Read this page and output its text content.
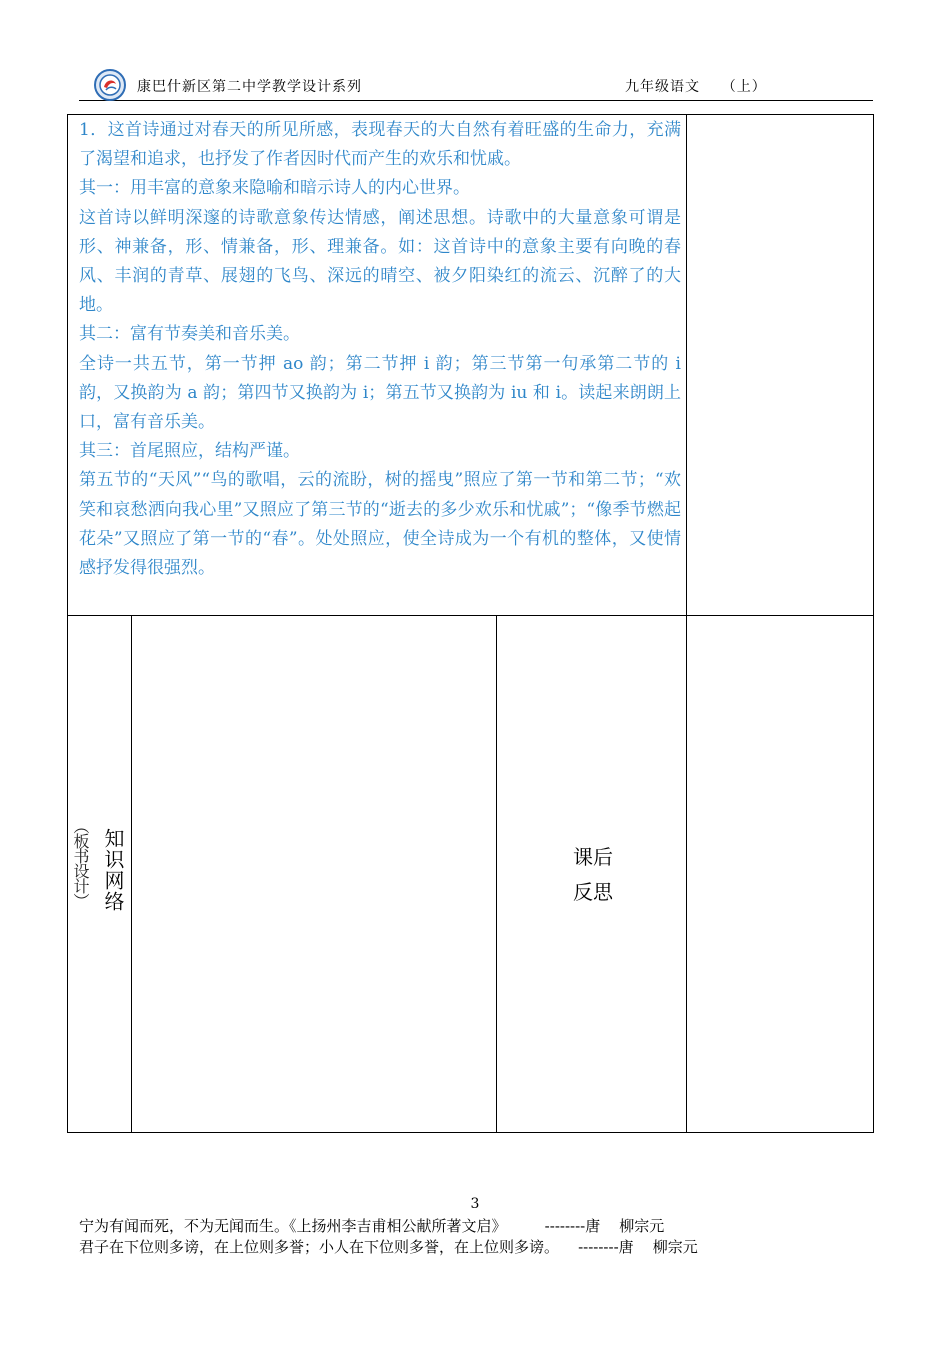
康巴什新区第二中学教学设计系列	九年级语文    （上）

1．这首诗通过对春天的所见所感，表现春天的大自然有着旺盛的生命力，充满了渴望和追求，也抒发了作者因时代而产生的欢乐和忧戚。

其一：用丰富的意象来隐喻和暗示诗人的内心世界。

这首诗以鲜明深邃的诗歌意象传达情感，阐述思想。诗歌中的大量意象可谓是形、神兼备，形、情兼备，形、理兼备。如：这首诗中的意象主要有向晚的春风、丰润的青草、展翅的飞鸟、深远的晴空、被夕阳染红的流云、沉醉了的大地。

其二：富有节奏美和音乐美。

全诗一共五节，第一节押 ao 韵；第二节押 i 韵；第三节第一句承第二节的 i 韵，又换韵为 a 韵；第四节又换韵为 i；第五节又换韵为 iu 和 i。读起来朗朗上口，富有音乐美。

其三：首尾照应，结构严谨。

第五节的“天风”“鸟的歌唱，云的流盼，树的摇曳”照应了第一节和第二节；“欢笑和哀愁洒向我心里”又照应了第三节的“逝去的多少欢乐和忧戚”；“像季节燃起花朵”又照应了第一节的“春”。处处照应，使全诗成为一个有机的整体，又使情感抒发得很强烈。

（板书设计） 知识网络	课后
反思
3
宁为有闻而死，不为无闻而生。《上扬州李吉甫相公献所著文启》        --------唐    柳宗元
君子在下位则多谤，在上位则多誉；小人在下位则多誉，在上位则多谤。    --------唐    柳宗元
